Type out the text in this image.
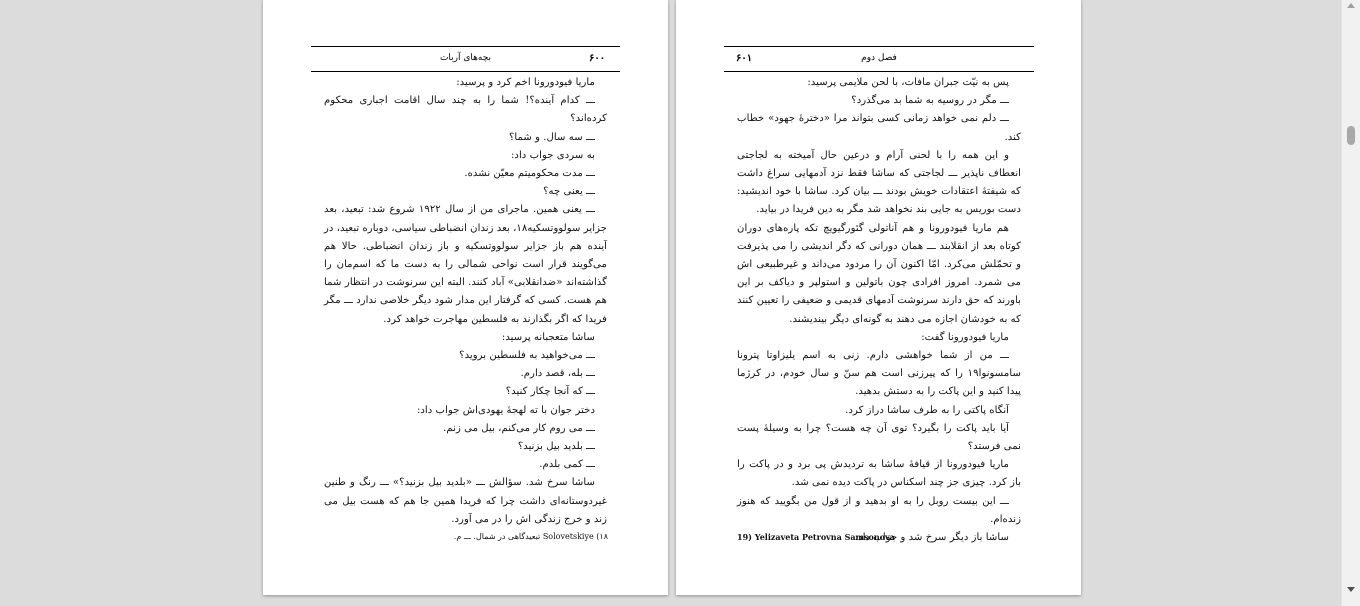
بچه‌های آربات	۶۰۰

ماریا فیودورونا اخم کرد و پرسید:

ـــ کدام آینده؟! شما را به چند سال اقامت اجباری محکوم کرده‌اند؟

ـــ سه سال. و شما؟

به سردی جواب داد:

ـــ مدت محکومیتم معیّن نشده.

ـــ یعنی چه؟

ـــ یعنی همین. ماجرای من از سال ۱۹۲۲ شروع شد: تبعید، بعد جزایر سولووتسکیه۱۸، بعد زندان انضباطی سیاسی، دوباره تبعید، در آینده هم باز جزایر سولووتسکیه و باز زندان انضباطی. حالا هم می‌گویند قرار است نواحی شمالی را به دست ما که اسم‌مان را گذاشته‌اند «ضدانقلابی» آباد کنند. البته این سرنوشت در انتظار شما هم هست. کسی که گرفتار این مدار شود دیگر خلاصی ندارد ـــ مگر فریدا که اگر بگذارند به فلسطین مهاجرت خواهد کرد.

ساشا متعجبانه پرسید:

ـــ می‌خواهید به فلسطین بروید؟

ـــ بله، قصد دارم.

ـــ که آنجا چکار کنید؟

دختر جوان با ته لهجهٔ یهودی‌اش جواب داد:

ـــ می روم کار می‌کنم، بیل می زنم.

ـــ بلدید بیل بزنید؟

ـــ کمی بلدم.

ساشا سرخ شد. سؤالش ـــ «بلدید بیل بزنید؟» ـــ رنگ و طنین غیردوستانه‌ای داشت چرا که فریدا همین جا هم که هست بیل می زند و خرج زندگی اش را در می آورد.

۱۸) Solovetskiye تبعیدگاهی در شمال. ـــ م.
فصل دوم
۶۰۱

پس به نیّت جبران مافات، با لحن ملایمی پرسید:

ـــ مگر در روسیه به شما بد می‌گذرد؟

ـــ دلم نمی خواهد زمانی کسی بتواند مرا «دخترهٔ جهود» خطاب کند.

و این همه را با لحنی آرام و درعین حال آمیخته به لجاجتی انعطاف ناپذیر ـــ لجاجتی که ساشا فقط نزد آدمهایی سراغ داشت که شیفتهٔ اعتقادات خویش بودند ـــ بیان کرد. ساشا با خود اندیشید: دست بوریس به جایی بند نخواهد شد مگر به دین فریدا در بیاید.

هم ماریا فیودورونا و هم آناتولی گئورگیویچ تکه پاره‌های دوران کوتاه بعد از انقلابند ـــ همان دورانی که دگر اندیشی را می پذیرفت و تحمّلش می‌کرد. امّا اکنون آن را مردود می‌داند و غیرطبیعی اش می شمرد. امروز افرادی چون باتولین و استولپر و دیاکف بر این باورند که حق دارند سرنوشت آدمهای قدیمی و ضعیفی را تعیین کنند که به خودشان اجازه می دهند به گونه‌ای دیگر بیندیشند.

ماریا فیودورونا گفت:

ـــ من از شما خواهشی دارم. زنی به اسم یلیزاوتا پترونا سامسونوا۱۹ را که پیرزنی است هم سنّ و سال خودم، در کرژما پیدا کنید و این پاکت را به دستش بدهید.

آنگاه پاکتی را به طرف ساشا دراز کرد.

آیا باید پاکت را بگیرد؟ توی آن چه هست؟ چرا به وسیلهٔ پست نمی فرستد؟

ماریا فیودورونا از قیافهٔ ساشا به تردیدش پی برد و در پاکت را باز کرد. چیزی جز چند اسکناس در پاکت دیده نمی شد.

ـــ این بیست روبل را به او بدهید و از قول من بگویید که هنوز زنده‌ام.

ساشا باز دیگر سرخ شد و جواب داد:

19) Yelizaveta Petrovna Samsonova
